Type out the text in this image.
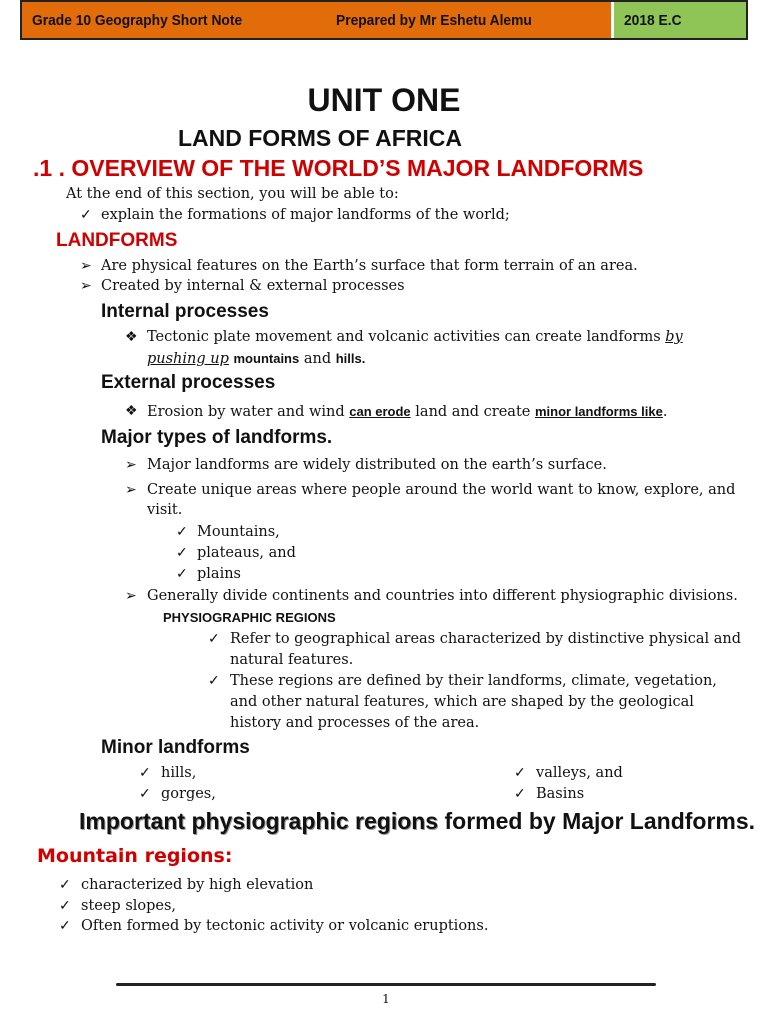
Grade 10 Geography Short Note	Prepared by Mr Eshetu Alemu	2018 E.C
UNIT ONE
LAND FORMS OF AFRICA
.1 . OVERVIEW OF THE WORLD’S MAJOR LANDFORMS
At the end of this section, you will be able to:
✓ explain the formations of major landforms of the world;
LANDFORMS
➢ Are physical features on the Earth’s surface that form terrain of an area.
➢ Created by internal & external processes
Internal processes
❖ Tectonic plate movement and volcanic activities can create landforms by
pushing up mountains and hills.
External processes
❖ Erosion by water and wind can erode land and create minor landforms like.
Major types of landforms.
➢ Major landforms are widely distributed on the earth’s surface.
➢ Create unique areas where people around the world want to know, explore, and
visit.
✓ Mountains,
✓ plateaus, and
✓ plains
➢ Generally divide continents and countries into different physiographic divisions.
PHYSIOGRAPHIC REGIONS
✓ Refer to geographical areas characterized by distinctive physical and
natural features.
✓ These regions are defined by their landforms, climate, vegetation,
and other natural features, which are shaped by the geological
history and processes of the area.
Minor landforms
✓ hills,
✓ gorges,
✓ valleys, and
✓ Basins
Important physiographic regions formed by Major Landforms.
Mountain regions:
✓ characterized by high elevation
✓ steep slopes,
✓ Often formed by tectonic activity or volcanic eruptions.
1
